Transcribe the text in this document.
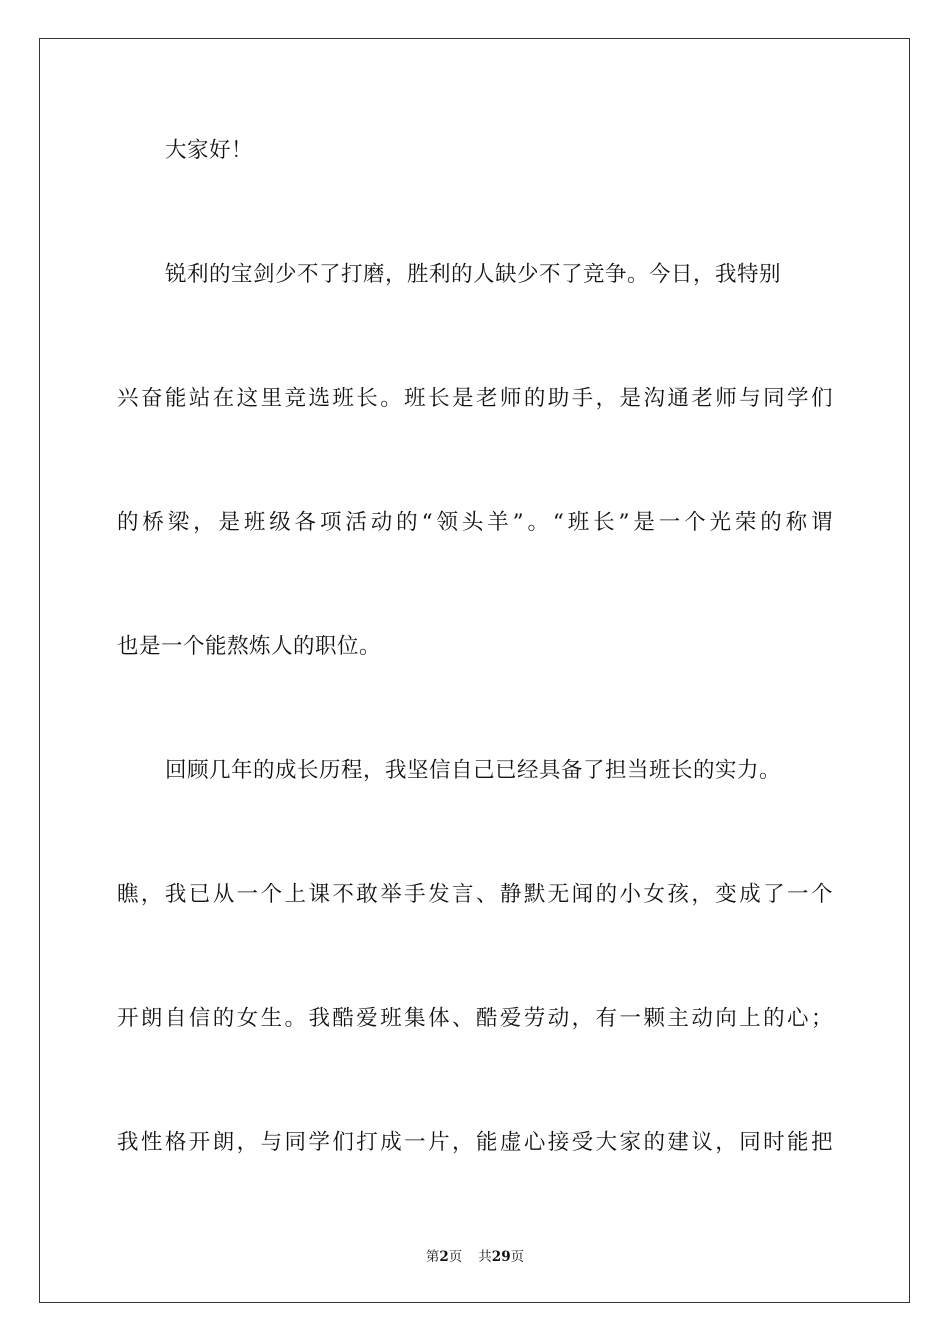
大家好！
锐利的宝剑少不了打磨，胜利的人缺少不了竞争。今日，我特别
兴奋能站在这里竞选班长。班长是老师的助手，是沟通老师与同学们
的桥梁，是班级各项活动的“领头羊”。“班长”是一个光荣的称谓
也是一个能熬炼人的职位。
回顾几年的成长历程，我坚信自己已经具备了担当班长的实力。
瞧，我已从一个上课不敢举手发言、静默无闻的小女孩，变成了一个
开朗自信的女生。我酷爱班集体、酷爱劳动，有一颗主动向上的心；
我性格开朗，与同学们打成一片，能虚心接受大家的建议，同时能把
第2页 共29页
